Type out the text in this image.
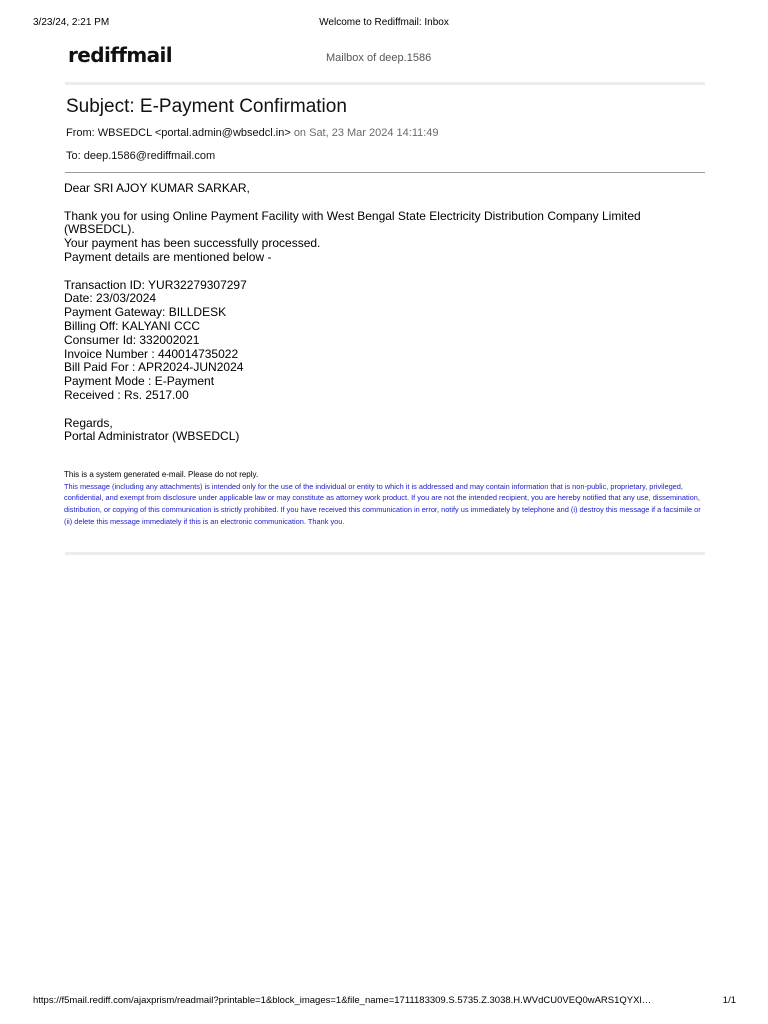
3/23/24, 2:21 PM	Welcome to Rediffmail: Inbox
rediffmail	Mailbox of deep.1586
Subject: E-Payment Confirmation
From: WBSEDCL <portal.admin@wbsedcl.in> on Sat, 23 Mar 2024 14:11:49
To: deep.1586@rediffmail.com

Dear SRI AJOY KUMAR SARKAR,

Thank you for using Online Payment Facility with West Bengal State Electricity Distribution Company Limited (WBSEDCL).

Your payment has been successfully processed.

Payment details are mentioned below -

Transaction ID: YUR32279307297

Date: 23/03/2024

Payment Gateway: BILLDESK

Billing Off: KALYANI CCC

Consumer Id: 332002021

Invoice Number : 440014735022

Bill Paid For : APR2024-JUN2024

Payment Mode : E-Payment

Received : Rs. 2517.00

Regards,

Portal Administrator (WBSEDCL)

This is a system generated e-mail. Please do not reply.
This message (including any attachments) is intended only for the use of the individual or entity to which it is addressed and may contain information that is non-public, proprietary, privileged, confidential, and exempt from disclosure under applicable law or may constitute as attorney work product. If you are not the intended recipient, you are hereby notified that any use, dissemination, distribution, or copying of this communication is strictly prohibited. If you have received this communication in error, notify us immediately by telephone and (i) destroy this message if a facsimile or (ii) delete this message immediately if this is an electronic communication. Thank you.
https://f5mail.rediff.com/ajaxprism/readmail?printable=1&block_images=1&file_name=1711183309.S.5735.Z.3038.H.WVdCU0VEQ0wARS1QYXl…	1/1
